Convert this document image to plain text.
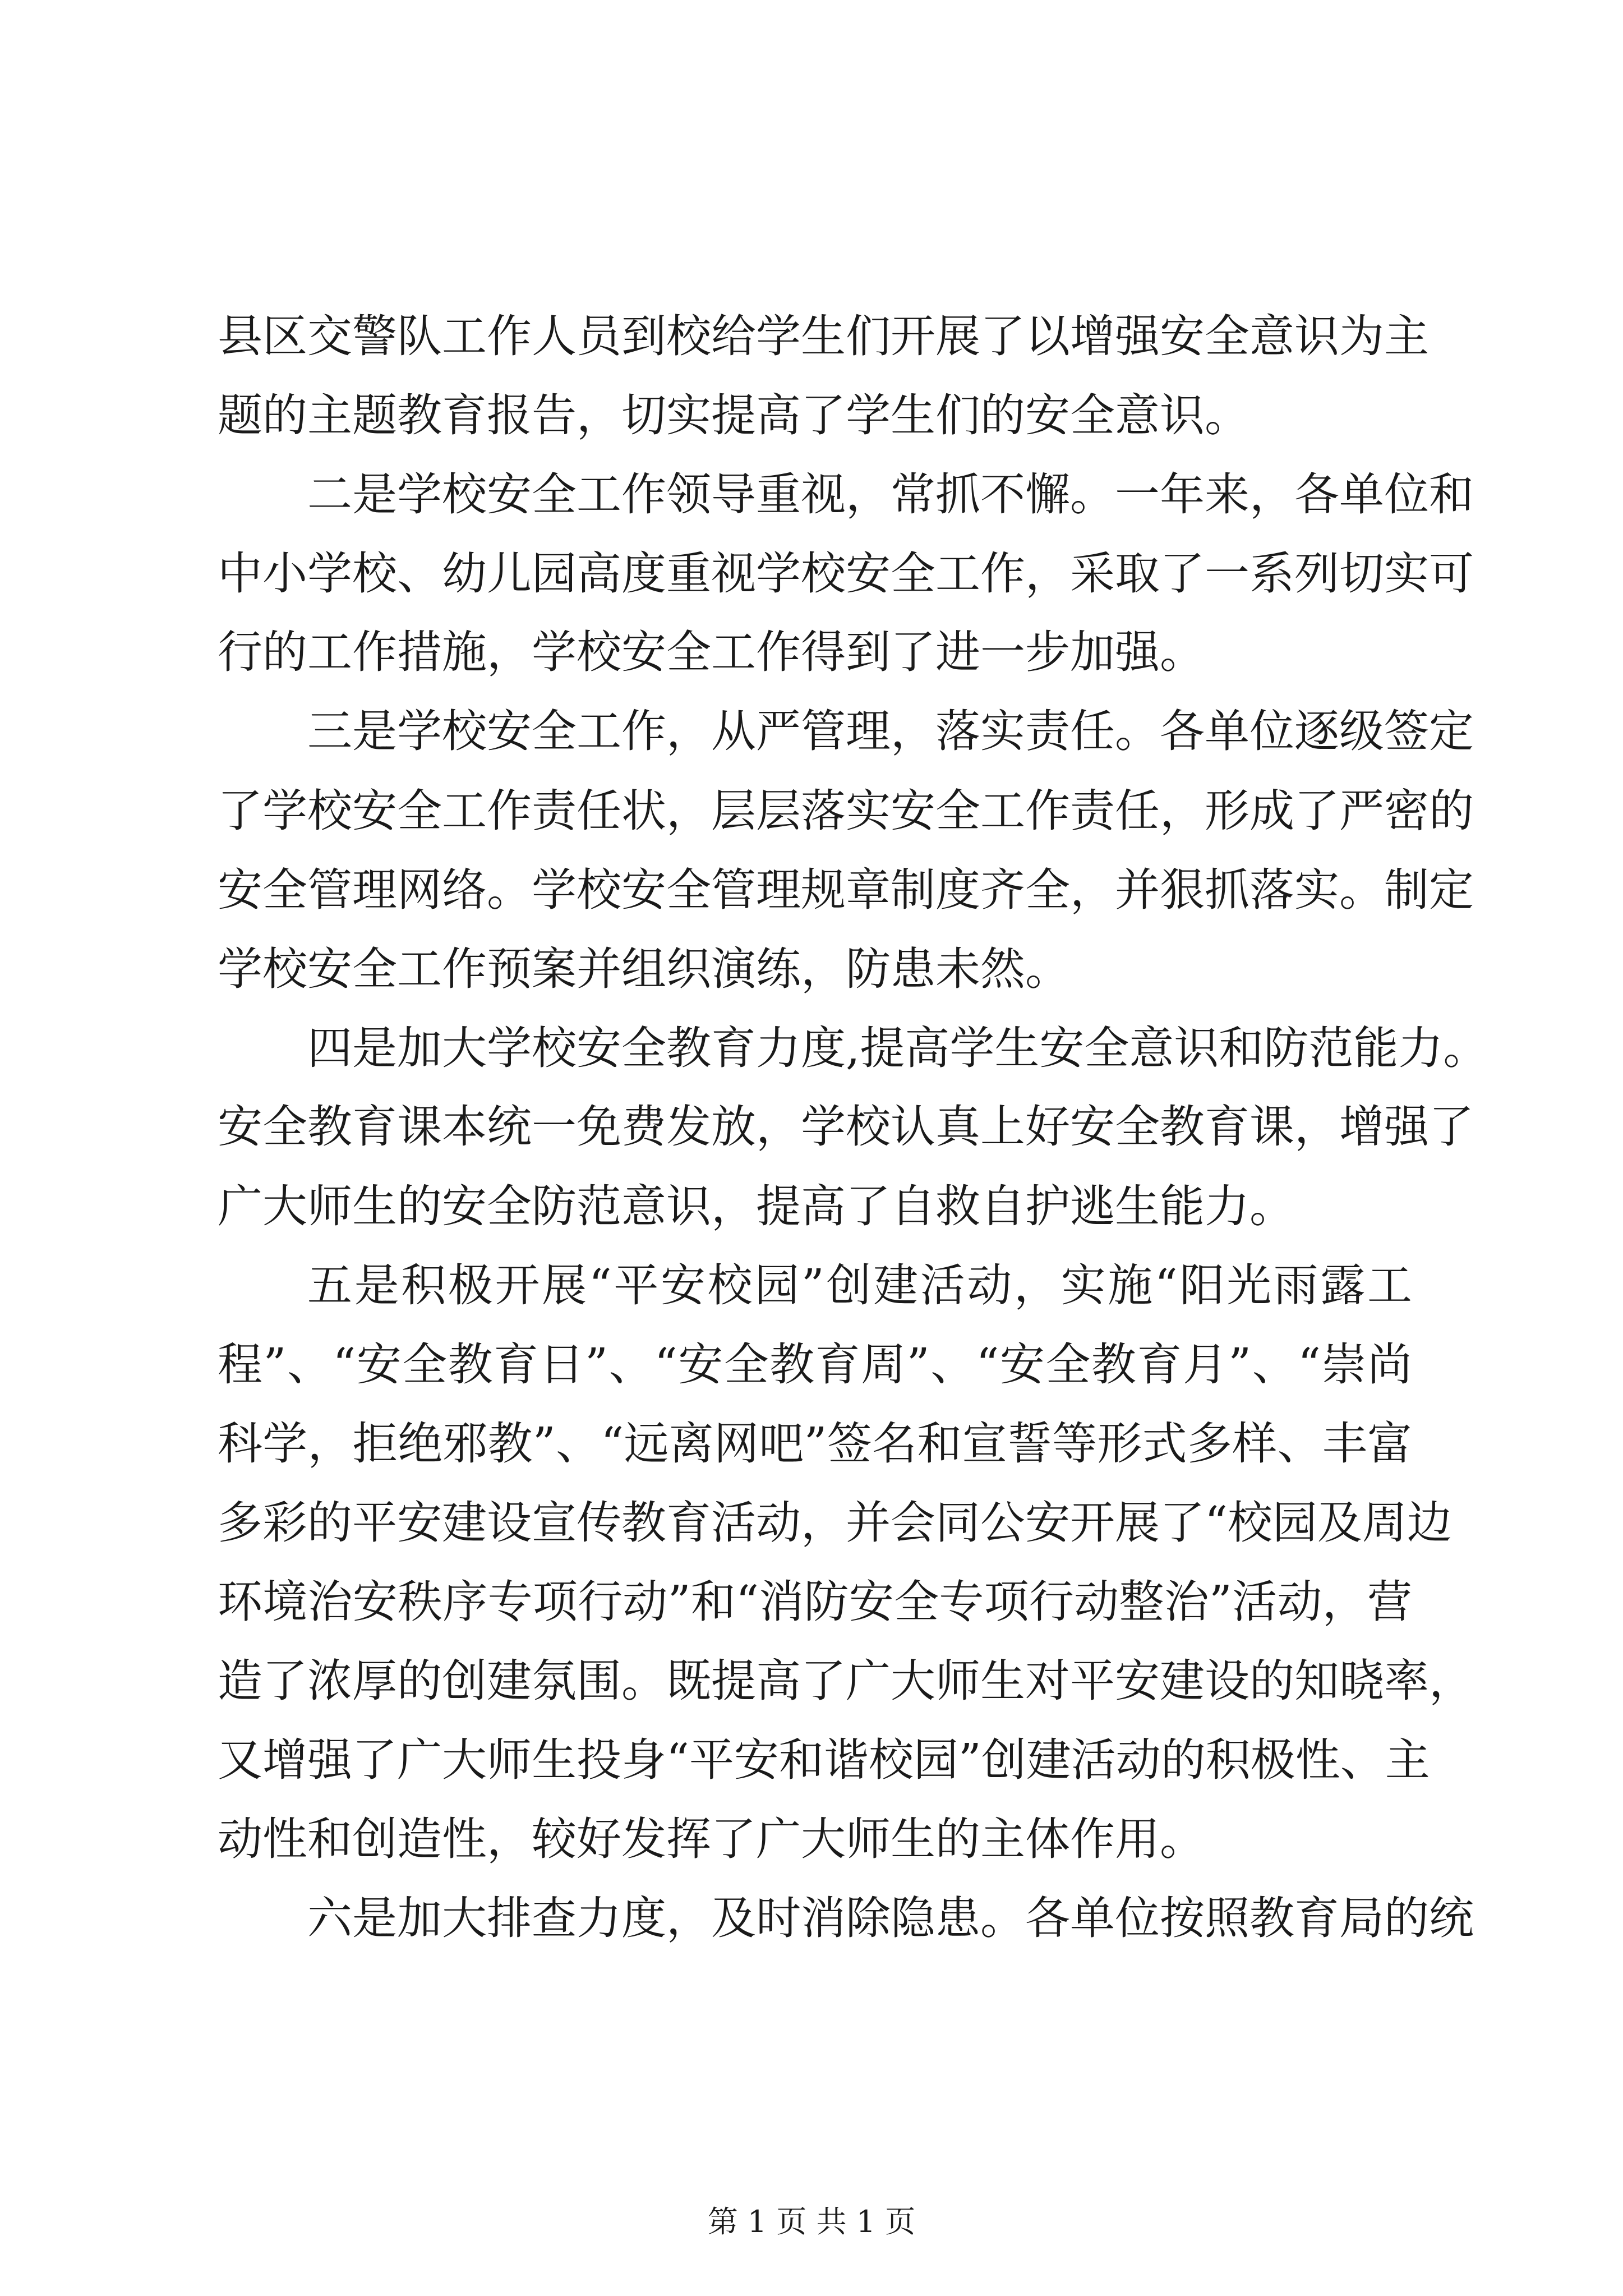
县区交警队工作人员到校给学生们开展了以增强安全意识为主
题的主题教育报告，切实提高了学生们的安全意识。
二是学校安全工作领导重视，常抓不懈。一年来，各单位和
中小学校、幼儿园高度重视学校安全工作，采取了一系列切实可
行的工作措施，学校安全工作得到了进一步加强。
三是学校安全工作，从严管理，落实责任。各单位逐级签定
了学校安全工作责任状，层层落实安全工作责任，形成了严密的
安全管理网络。学校安全管理规章制度齐全，并狠抓落实。制定
学校安全工作预案并组织演练，防患未然。
四是加大学校安全教育力度,提高学生安全意识和防范能力。
安全教育课本统一免费发放，学校认真上好安全教育课，增强了
广大师生的安全防范意识，提高了自救自护逃生能力。
五是积极开展“平安校园”创建活动，实施“阳光雨露工
程”、“安全教育日”、“安全教育周”、“安全教育月”、“崇尚
科学，拒绝邪教”、“远离网吧”签名和宣誓等形式多样、丰富
多彩的平安建设宣传教育活动，并会同公安开展了“校园及周边
环境治安秩序专项行动”和“消防安全专项行动整治”活动，营
造了浓厚的创建氛围。既提高了广大师生对平安建设的知晓率，
又增强了广大师生投身“平安和谐校园”创建活动的积极性、主
动性和创造性，较好发挥了广大师生的主体作用。
六是加大排查力度，及时消除隐患。各单位按照教育局的统
第 1 页 共 1 页
